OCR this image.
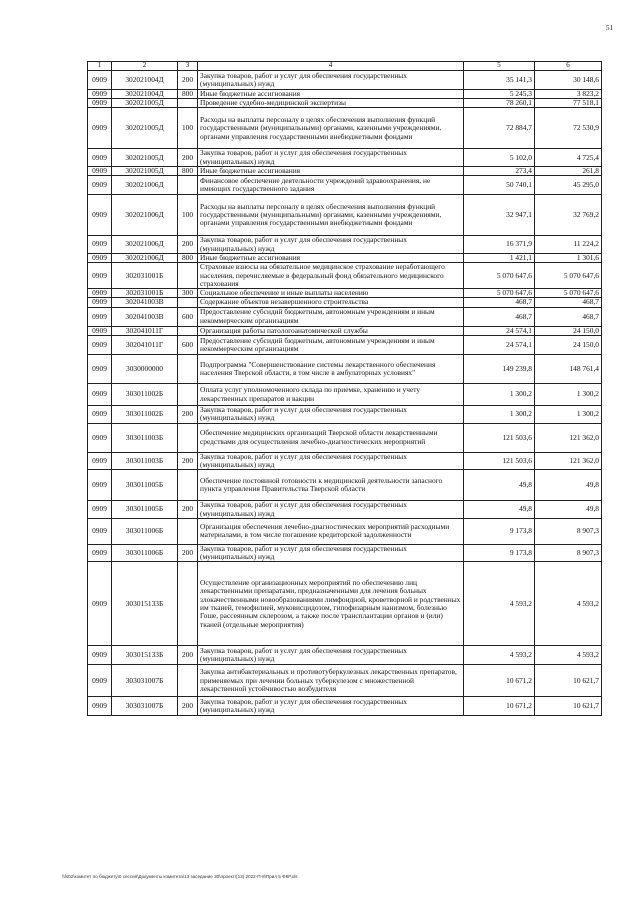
51
1	2	3	4	5	6
0909	302021004Д	200	Закупка товаров, работ и услуг для обеспечения государственных (муниципальных) нужд	35 141,3	30 148,6
0909	302021004Д	800	Иные бюджетные ассигнования	5 245,3	3 823,2
0909	302021005Д		Проведение судебно-медицинской экспертизы	78 260,1	77 518,1
0909	302021005Д	100	Расходы на выплаты персоналу в целях обеспечения выполнения функций государственными (муниципальными) органами, казенными учреждениями, органами управления государственными внебюджетными фондами	72 884,7	72 530,9
0909	302021005Д	200	Закупка товаров, работ и услуг для обеспечения государственных (муниципальных) нужд	5 102,0	4 725,4
0909	302021005Д	800	Иные бюджетные ассигнования	273,4	261,8
0909	302021006Д		Финансовое обеспечение деятельности учреждений здравоохранения, не имеющих государственного задания	50 740,1	45 295,0
0909	302021006Д	100	Расходы на выплаты персоналу в целях обеспечения выполнения функций государственными (муниципальными) органами, казенными учреждениями, органами управления государственными внебюджетными фондами	32 947,1	32 769,2
0909	302021006Д	200	Закупка товаров, работ и услуг для обеспечения государственных (муниципальных) нужд	16 371,9	11 224,2
0909	302021006Д	800	Иные бюджетные ассигнования	1 421,1	1 301,6
0909	302031001Б		Страховые взносы на обязательное медицинское страхование неработающего населения, перечисляемые в федеральный фонд обязательного медицинского страхования	5 070 647,6	5 070 647,6
0909	302031001Б	300	Социальное обеспечение и иные выплаты населению	5 070 647,6	5 070 647,6
0909	302041003В		Содержание объектов незавершенного строительства	468,7	468,7
0909	302041003В	600	Предоставление субсидий бюджетным, автономным учреждениям и иным некоммерческим организациям	468,7	468,7
0909	302041011Г		Организация работы патологоанатомической службы	24 574,1	24 150,0
0909	302041011Г	600	Предоставление субсидий бюджетным, автономным учреждениям и иным некоммерческим организациям	24 574,1	24 150,0
0909	3030000000		Подпрограмма "Совершенствование системы лекарственного обеспечения населения Тверской области, в том числе в амбулаторных условиях"	149 239,8	148 761,4
0909	303011002Б		Оплата услуг уполномоченного склада по приемке, хранению и учету лекарственных препаратов и вакцин	1 300,2	1 300,2
0909	303011002Б	200	Закупка товаров, работ и услуг для обеспечения государственных (муниципальных) нужд	1 300,2	1 300,2
0909	303011003Б		Обеспечение медицинских организаций Тверской области лекарственными средствами для осуществления лечебно-диагностических мероприятий	121 503,6	121 362,0
0909	303011003Б	200	Закупка товаров, работ и услуг для обеспечения государственных (муниципальных) нужд	121 503,6	121 362,0
0909	303011005Б		Обеспечение постоянной готовности к медицинской деятельности запасного пункта управления Правительства Тверской области	49,8	49,8
0909	303011005Б	200	Закупка товаров, работ и услуг для обеспечения государственных (муниципальных) нужд	49,8	49,8
0909	303011006Б		Организация обеспечения лечебно-диагностических мероприятий расходными материалами, в том числе погашение кредиторской задолженности	9 173,8	8 907,3
0909	303011006Б	200	Закупка товаров, работ и услуг для обеспечения государственных (муниципальных) нужд	9 173,8	8 907,3
0909	303015133Б		Осуществление организационных мероприятий по обеспечению лиц лекарственными препаратами, предназначенными для лечения больных злокачественными новообразованиями лимфоидной, кроветворной и родственных им тканей, гемофилией, муковисцидозом, гипофизарным нанизмом, болезнью Гоше, рассеянным склерозом, а также после трансплантации органов и (или) тканей (отдельные мероприятия)	4 593,2	4 593,2
0909	303015133Б	200	Закупка товаров, работ и услуг для обеспечения государственных (муниципальных) нужд	4 593,2	4 593,2
0909	303031007Б		Закупка антибактериальных и противотуберкулезных лекарственных препаратов, применяемых при лечении больных туберкулезом с множественной лекарственной устойчивостью возбудителя	10 671,2	10 621,7
0909	303031007Б	200	Закупка товаров, работ и услуг для обеспечения государственных (муниципальных) нужд	10 671,2	10 621,7
\\fs02\комитет по бюджету\0 сессия\Документы комитета\13 заседание 30\проект\(13) 2022-П-8\Прил 5 ФКР.xls
